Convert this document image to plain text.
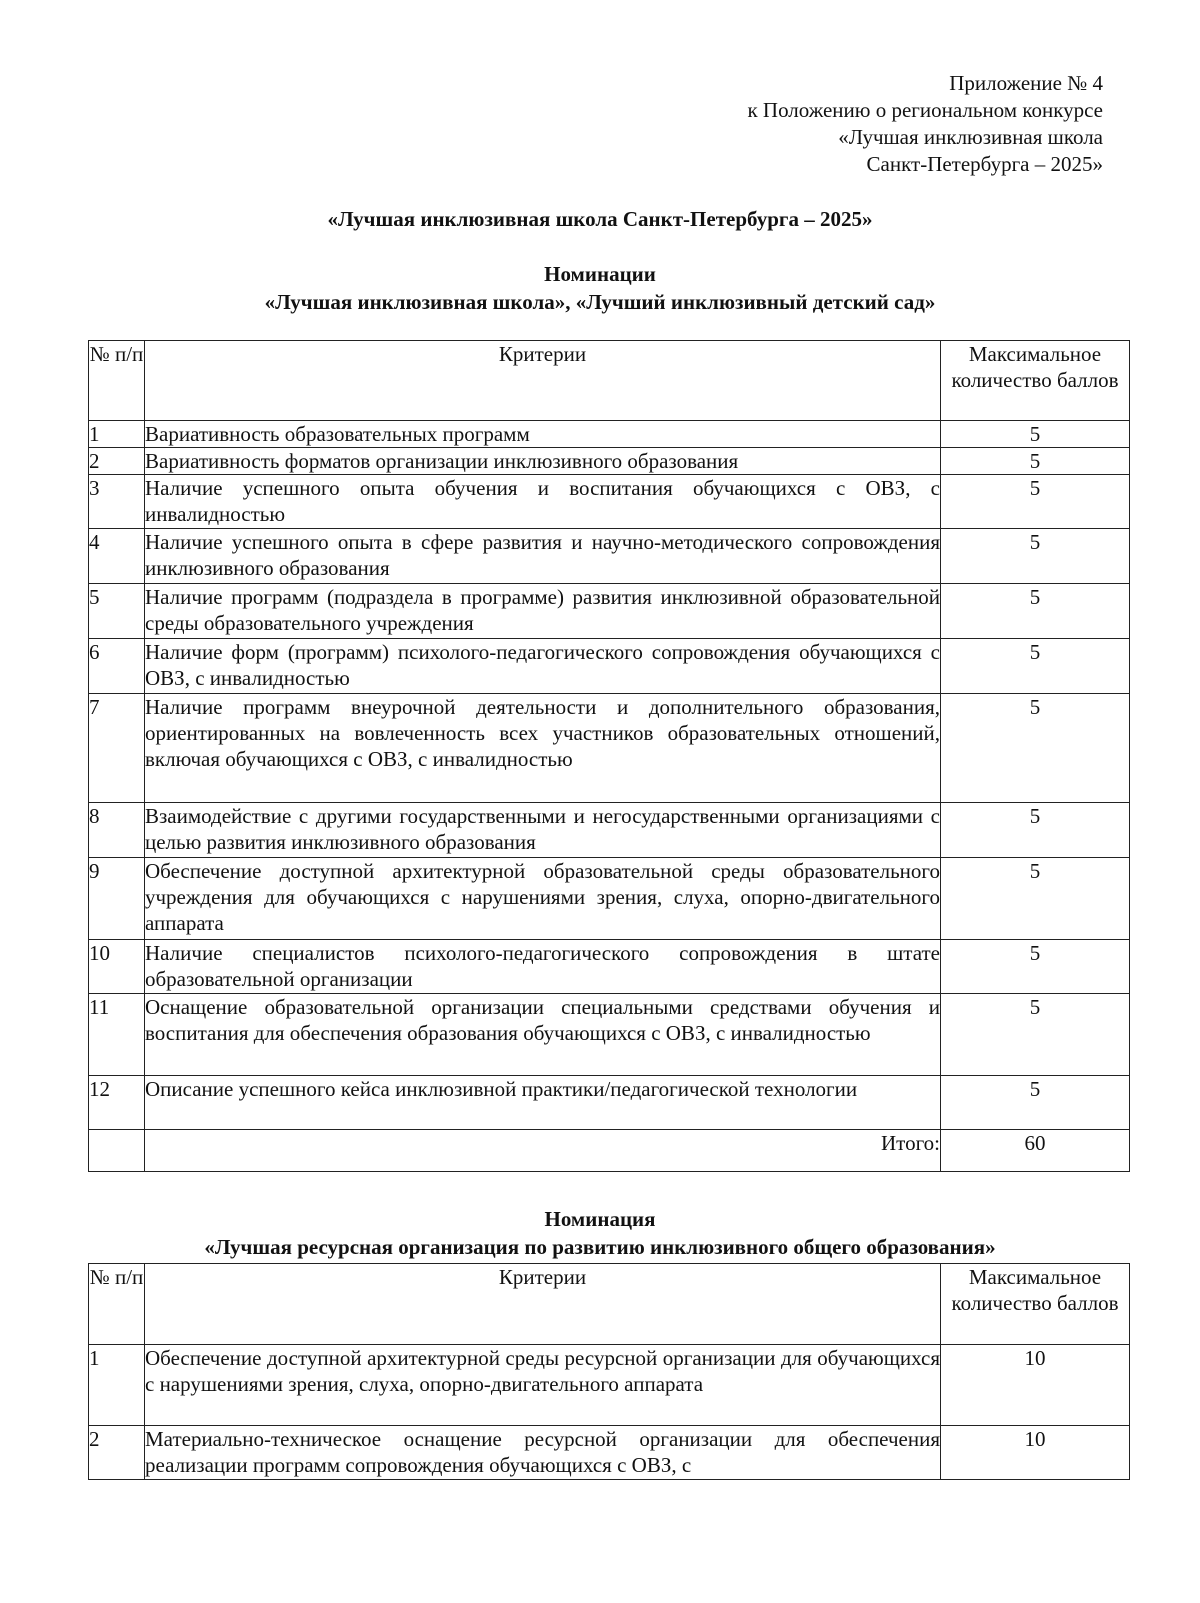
Приложение № 4
к Положению о региональном конкурсе
«Лучшая инклюзивная школа
Санкт-Петербурга – 2025»
«Лучшая инклюзивная школа Санкт-Петербурга – 2025»
Номинации
«Лучшая инклюзивная школа», «Лучший инклюзивный детский сад»
№ п/п	Критерии	Максимальное количество баллов
1	Вариативность образовательных программ	5
2	Вариативность форматов организации инклюзивного образования	5
3	Наличие успешного опыта обучения и воспитания обучающихся с ОВЗ, с инвалидностью	5
4	Наличие успешного опыта в сфере развития и научно-методического сопровождения инклюзивного образования	5
5	Наличие программ (подраздела в программе) развития инклюзивной образовательной среды образовательного учреждения	5
6	Наличие форм (программ) психолого-педагогического сопровождения обучающихся с ОВЗ, с инвалидностью	5
7	Наличие программ внеурочной деятельности и дополнительного образования, ориентированных на вовлеченность всех участников образовательных отношений, включая обучающихся с ОВЗ, с инвалидностью	5
8	Взаимодействие с другими государственными и негосударственными организациями с целью развития инклюзивного образования	5
9	Обеспечение доступной архитектурной образовательной среды образовательного учреждения для обучающихся с нарушениями зрения, слуха, опорно-двигательного аппарата	5
10	Наличие специалистов психолого-педагогического сопровождения в штате образовательной организации	5
11	Оснащение образовательной организации специальными средствами обучения и воспитания для обеспечения образования обучающихся с ОВЗ, с инвалидностью	5
12	Описание успешного кейса инклюзивной практики/педагогической технологии	5
	Итого:	60
Номинация
«Лучшая ресурсная организация по развитию инклюзивного общего образования»
№ п/п	Критерии	Максимальное количество баллов
1	Обеспечение доступной архитектурной среды ресурсной организации для обучающихся с нарушениями зрения, слуха, опорно-двигательного аппарата	10
2	Материально-техническое оснащение ресурсной организации для обеспечения реализации программ сопровождения обучающихся с ОВЗ, с	10
